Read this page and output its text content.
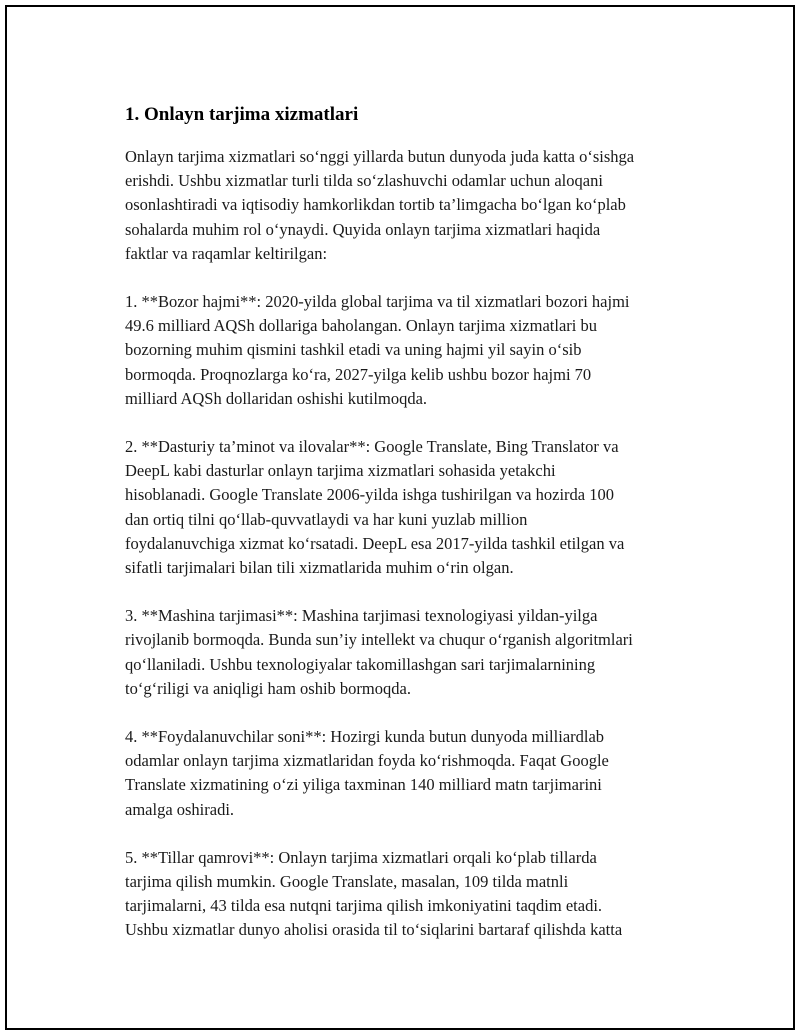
1. Onlayn tarjima xizmatlari

Onlayn tarjima xizmatlari so‘nggi yillarda butun dunyoda juda katta o‘sishga
erishdi. Ushbu xizmatlar turli tilda so‘zlashuvchi odamlar uchun aloqani
osonlashtiradi va iqtisodiy hamkorlikdan tortib ta’limgacha bo‘lgan ko‘plab
sohalarda muhim rol o‘ynaydi. Quyida onlayn tarjima xizmatlari haqida
faktlar va raqamlar keltirilgan:

1. **Bozor hajmi**: 2020-yilda global tarjima va til xizmatlari bozori hajmi
49.6 milliard AQSh dollariga baholangan. Onlayn tarjima xizmatlari bu
bozorning muhim qismini tashkil etadi va uning hajmi yil sayin o‘sib
bormoqda. Proqnozlarga ko‘ra, 2027-yilga kelib ushbu bozor hajmi 70
milliard AQSh dollaridan oshishi kutilmoqda.

2. **Dasturiy ta’minot va ilovalar**: Google Translate, Bing Translator va
DeepL kabi dasturlar onlayn tarjima xizmatlari sohasida yetakchi
hisoblanadi. Google Translate 2006-yilda ishga tushirilgan va hozirda 100
dan ortiq tilni qo‘llab-quvvatlaydi va har kuni yuzlab million
foydalanuvchiga xizmat ko‘rsatadi. DeepL esa 2017-yilda tashkil etilgan va
sifatli tarjimalari bilan tili xizmatlarida muhim o‘rin olgan.

3. **Mashina tarjimasi**: Mashina tarjimasi texnologiyasi yildan-yilga
rivojlanib bormoqda. Bunda sun’iy intellekt va chuqur o‘rganish algoritmlari
qo‘llaniladi. Ushbu texnologiyalar takomillashgan sari tarjimalarnining
to‘g‘riligi va aniqligi ham oshib bormoqda.

4. **Foydalanuvchilar soni**: Hozirgi kunda butun dunyoda milliardlab
odamlar onlayn tarjima xizmatlaridan foyda ko‘rishmoqda. Faqat Google
Translate xizmatining o‘zi yiliga taxminan 140 milliard matn tarjimarini
amalga oshiradi.

5. **Tillar qamrovi**: Onlayn tarjima xizmatlari orqali ko‘plab tillarda
tarjima qilish mumkin. Google Translate, masalan, 109 tilda matnli
tarjimalarni, 43 tilda esa nutqni tarjima qilish imkoniyatini taqdim etadi.
Ushbu xizmatlar dunyo aholisi orasida til to‘siqlarini bartaraf qilishda katta
